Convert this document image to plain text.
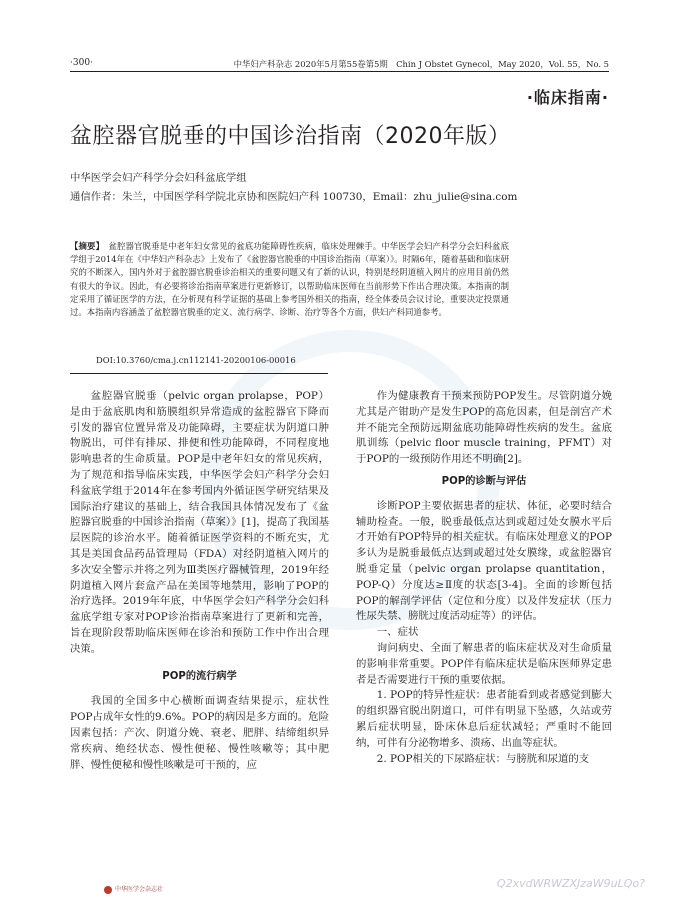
·300·	中华妇产科杂志 2020年5月第55卷第5期　Chin J Obstet Gynecol，May 2020，Vol. 55，No. 5
·临床指南·
盆腔器官脱垂的中国诊治指南（2020年版）
中华医学会妇产科学分会妇科盆底学组
通信作者：朱兰，中国医学科学院北京协和医院妇产科 100730，Email：zhu_julie@sina.com
【摘要】　盆腔器官脱垂是中老年妇女常见的盆底功能障碍性疾病，临床处理棘手。中华医学会妇产科学分会妇科盆底学组于2014年在《中华妇产科杂志》上发布了《盆腔器官脱垂的中国诊治指南（草案）》。时隔6年，随着基础和临床研究的不断深入，国内外对于盆腔器官脱垂诊治相关的重要问题又有了新的认识，特别是经阴道植入网片的应用目前仍然有很大的争议。因此，有必要将诊治指南草案进行更新修订，以帮助临床医师在当前形势下作出合理决策。本指南的制定采用了循证医学的方法，在分析现有科学证据的基础上参考国外相关的指南，经全体委员会议讨论，重要决定投票通过。本指南内容涵盖了盆腔器官脱垂的定义、流行病学、诊断、治疗等各个方面，供妇产科同道参考。
DOI:10.3760/cma.j.cn112141-20200106-00016

盆腔器官脱垂（pelvic organ prolapse，POP）是由于盆底肌肉和筋膜组织异常造成的盆腔器官下降而引发的器官位置异常及功能障碍，主要症状为阴道口肿物脱出，可伴有排尿、排便和性功能障碍，不同程度地影响患者的生命质量。POP是中老年妇女的常见疾病，为了规范和指导临床实践，中华医学会妇产科学分会妇科盆底学组于2014年在参考国内外循证医学研究结果及国际治疗建议的基础上，结合我国具体情况发布了《盆腔器官脱垂的中国诊治指南（草案）》[1]，提高了我国基层医院的诊治水平。随着循证医学资料的不断充实，尤其是美国食品药品管理局（FDA）对经阴道植入网片的多次安全警示并将之列为Ⅲ类医疗器械管理，2019年经阴道植入网片套盒产品在美国等地禁用，影响了POP的治疗选择。2019年年底，中华医学会妇产科学分会妇科盆底学组专家对POP诊治指南草案进行了更新和完善，旨在现阶段帮助临床医师在诊治和预防工作中作出合理决策。

POP的流行病学

我国的全国多中心横断面调查结果提示，症状性POP占成年女性的9.6%。POP的病因是多方面的。危险因素包括：产次、阴道分娩、衰老、肥胖、结缔组织异常疾病、绝经状态、慢性便秘、慢性咳嗽等；其中肥胖、慢性便秘和慢性咳嗽是可干预的，应

作为健康教育干预来预防POP发生。尽管阴道分娩尤其是产钳助产是发生POP的高危因素，但是剖宫产术并不能完全预防远期盆底功能障碍性疾病的发生。盆底肌训练（pelvic floor muscle training，PFMT）对于POP的一级预防作用还不明确[2]。

POP的诊断与评估

诊断POP主要依据患者的症状、体征，必要时结合辅助检查。一般，脱垂最低点达到或超过处女膜水平后才开始有POP特异的相关症状。有临床处理意义的POP多认为是脱垂最低点达到或超过处女膜缘，或盆腔器官脱垂定量（pelvic organ prolapse quantitation，POP-Q）分度达≥Ⅱ度的状态[3-4]。全面的诊断包括POP的解剖学评估（定位和分度）以及伴发症状（压力性尿失禁、膀胱过度活动症等）的评估。

一、症状

询问病史、全面了解患者的临床症状及对生命质量的影响非常重要。POP伴有临床症状是临床医师界定患者是否需要进行干预的重要依据。

1. POP的特异性症状：患者能看到或者感觉到膨大的组织器官脱出阴道口，可伴有明显下坠感，久站或劳累后症状明显，卧床休息后症状减轻；严重时不能回纳，可伴有分泌物增多、溃疡、出血等症状。

2. POP相关的下尿路症状：与膀胱和尿道的支

中华医学会杂志社	Q2xvdWRWZXJzaW9uLQo?
